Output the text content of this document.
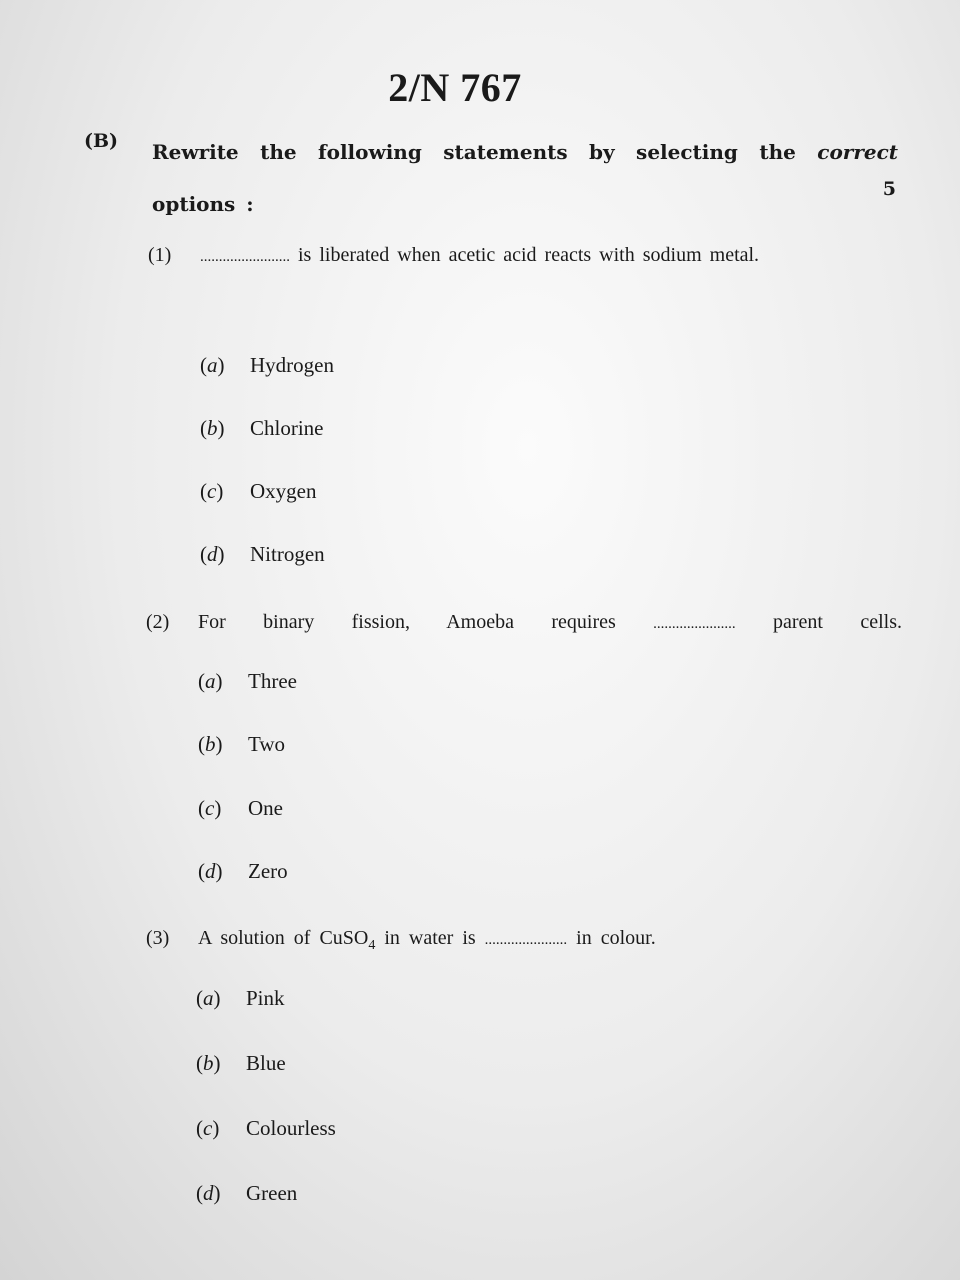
2/N 767
(B) Rewrite the following statements by selecting the correct options :
5
(1) ........................ is liberated when acetic acid reacts with sodium metal.
(a) Hydrogen
(b) Chlorine
(c) Oxygen
(d) Nitrogen
(2) For binary fission, Amoeba requires ...................... parent cells.
(a) Three
(b) Two
(c) One
(d) Zero
(3) A solution of CuSO$_4$ in water is ...................... in colour.
(a) Pink
(b) Blue
(c) Colourless
(d) Green
